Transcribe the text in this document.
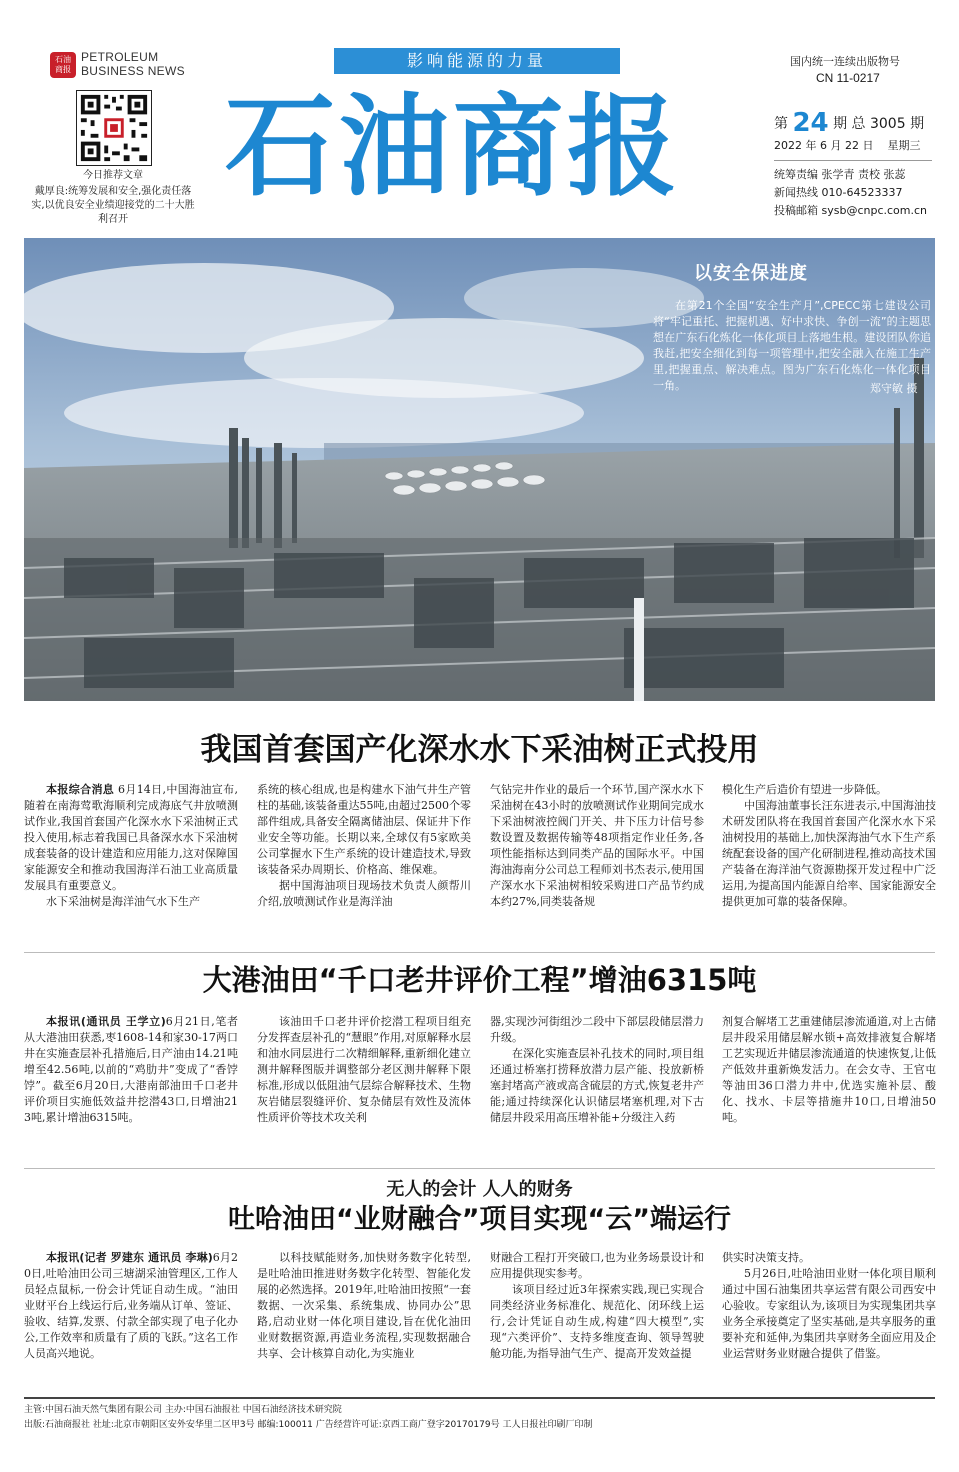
石油
商报
PETROLEUM
BUSINESS NEWS
今日推荐文章
戴厚良:统筹发展和安全,强化责任落实,以优良安全业绩迎接党的二十大胜利召开
影响能源的力量
石油商报
国内统一连续出版物号
CN 11-0217
第 24 期 总 3005 期
2022 年 6 月 22 日 星期三
统筹责编 张学青 责校 张蕊
新闻热线 010-64523337
投稿邮箱 sysb@cnpc.com.cn
以安全保进度
在第21个全国“安全生产月”,CPECC第七建设公司将“牢记重托、把握机遇、好中求快、争创一流”的主题思想在广东石化炼化一体化项目上落地生根。建设团队你追我赶,把安全细化到每一项管理中,把安全融入在施工生产里,把握重点、解决难点。图为广东石化炼化一体化项目一角。	郑守敏 摄
我国首套国产化深水水下采油树正式投用

本报综合消息 6月14日,中国海油宣布,随着在南海莺歌海顺利完成海底气井放喷测试作业,我国首套国产化深水水下采油树正式投入使用,标志着我国已具备深水水下采油树成套装备的设计建造和应用能力,这对保障国家能源安全和推动我国海洋石油工业高质量发展具有重要意义。

水下采油树是海洋油气水下生产

系统的核心组成,也是构建水下油气井生产管柱的基础,该装备重达55吨,由超过2500个零部件组成,具备安全隔离储油层、保证井下作业安全等功能。长期以来,全球仅有5家欧美公司掌握水下生产系统的设计建造技术,导致该装备采办周期长、价格高、维保难。

据中国海油项目现场技术负责人颜帮川介绍,放喷测试作业是海洋油

气钻完井作业的最后一个环节,国产深水水下采油树在43小时的放喷测试作业期间完成水下采油树液控阀门开关、井下压力计信号参数设置及数据传输等48项指定作业任务,各项性能指标达到同类产品的国际水平。中国海油海南分公司总工程师刘书杰表示,使用国产深水水下采油树相较采购进口产品节约成本约27%,同类装备规

模化生产后造价有望进一步降低。

中国海油董事长汪东进表示,中国海油技术研发团队将在我国首套国产化深水水下采油树投用的基础上,加快深海油气水下生产系统配套设备的国产化研制进程,推动高技术国产装备在海洋油气资源勘探开发过程中广泛运用,为提高国内能源自给率、国家能源安全提供更加可靠的装备保障。

大港油田“千口老井评价工程”增油6315吨

本报讯(通讯员 王学立)6月21日,笔者从大港油田获悉,枣1608-14和家30-17两口井在实施查层补孔措施后,日产油由14.21吨增至42.56吨,以前的“鸡肋井”变成了“香饽饽”。截至6月20日,大港南部油田千口老井评价项目实施低效益井挖潜43口,日增油213吨,累计增油6315吨。

该油田千口老井评价挖潜工程项目组充分发挥查层补孔的“慧眼”作用,对原解释水层和油水同层进行二次精细解释,重新细化建立测井解释图版并调整部分老区测井解释下限标准,形成以低阻油气层综合解释技术、生物灰岩储层裂缝评价、复杂储层有效性及流体性质评价等技术攻关利

器,实现沙河街组沙二段中下部层段储层潜力升级。

在深化实施查层补孔技术的同时,项目组还通过桥塞打捞释放潜力层产能、投放新桥塞封堵高产液或高含硫层的方式,恢复老井产能;通过持续深化认识储层堵塞机理,对下古储层井段采用高压增补能+分级注入药

剂复合解堵工艺重建储层渗流通道,对上古储层井段采用储层解水锁+高效排液复合解堵工艺实现近井储层渗流通道的快速恢复,让低产低效井重新焕发活力。在会女寺、王官屯等油田36口潜力井中,优选实施补层、酸化、找水、卡层等措施井10口,日增油50吨。

无人的会计 人人的财务
吐哈油田“业财融合”项目实现“云”端运行

本报讯(记者 罗建东 通讯员 李琳)6月20日,吐哈油田公司三塘湖采油管理区,工作人员轻点鼠标,一份会计凭证自动生成。“油田业财平台上线运行后,业务端从订单、签证、验收、结算,发票、付款全部实现了电子化办公,工作效率和质量有了质的飞跃。”这名工作人员高兴地说。

以科技赋能财务,加快财务数字化转型,是吐哈油田推进财务数字化转型、智能化发展的必然选择。2019年,吐哈油田按照“一套数据、一次采集、系统集成、协同办公”思路,启动业财一体化项目建设,旨在优化油田业财数据资源,再造业务流程,实现数据融合共享、会计核算自动化,为实施业

财融合工程打开突破口,也为业务场景设计和应用提供现实参考。

该项目经过近3年探索实践,现已实现合同类经济业务标准化、规范化、闭环线上运行,会计凭证自动生成,构建“四大模型”,实现“六类评价”、支持多维度查询、领导驾驶舱功能,为指导油气生产、提高开发效益提

供实时决策支持。

5月26日,吐哈油田业财一体化项目顺利通过中国石油集团共享运营有限公司西安中心验收。专家组认为,该项目为实现集团共享业务全承接奠定了坚实基础,是共享服务的重要补充和延伸,为集团共享财务全面应用及企业运营财务业财融合提供了借鉴。

主管:中国石油天然气集团有限公司 主办:中国石油报社 中国石油经济技术研究院
出版:石油商报社 社址:北京市朝阳区安外安华里二区甲3号 邮编:100011 广告经营许可证:京西工商广登字20170179号 工人日报社印刷厂印制
